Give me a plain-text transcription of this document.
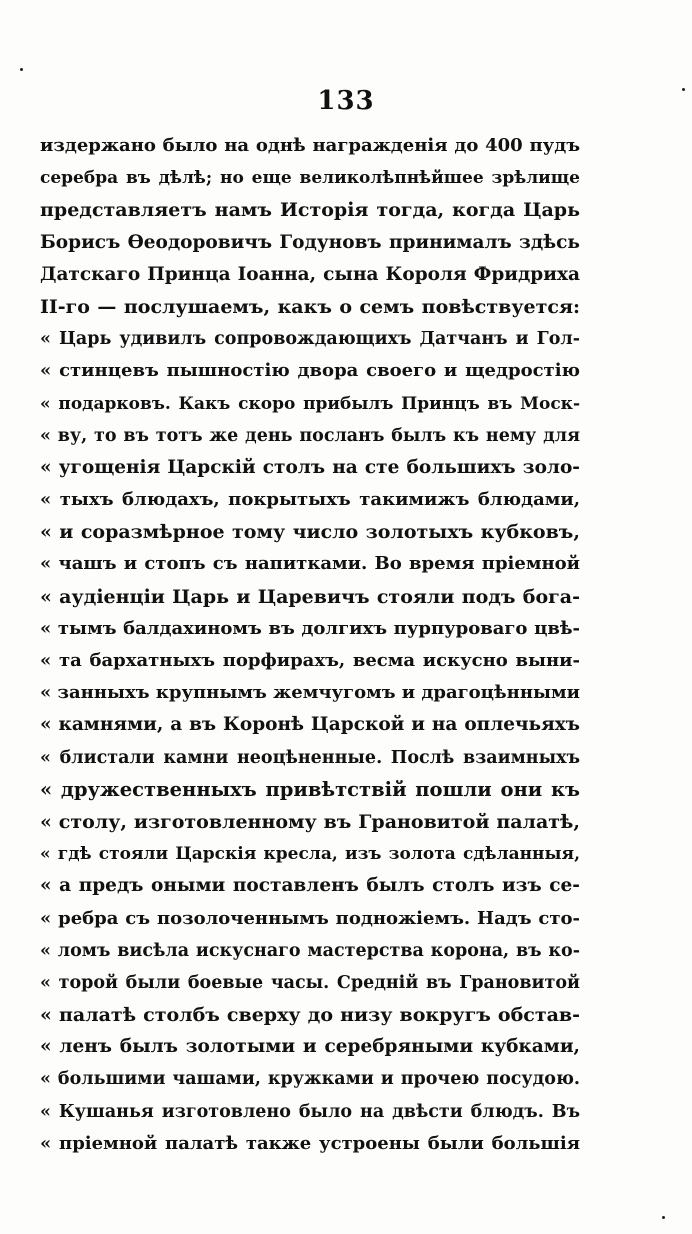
133
издержано было на однѣ награжденія до 400 пудъ
серебра въ дѣлѣ; но еще великолѣпнѣйшее зрѣлище
представляетъ намъ Исторія тогда, когда Царь
Борисъ Ѳеодоровичъ Годуновъ принималъ здѣсь
Датскаго Принца Іоанна, сына Короля Фридриха
II-го — послушаемъ, какъ о семъ повѣствуется:
« Царь удивилъ сопровождающихъ Датчанъ и Гол-
« стинцевъ пышностію двора своего и щедростію
« подарковъ. Какъ скоро прибылъ Принцъ въ Моск-
« ву, то въ тотъ же день посланъ былъ къ нему для
« угощенія Царскій столъ на сте большихъ золо-
« тыхъ блюдахъ, покрытыхъ такимижъ блюдами,
« и соразмѣрное тому число золотыхъ кубковъ,
« чашъ и стопъ съ напитками. Во время пріемной
« аудіенціи Царь и Царевичъ стояли подъ бога-
« тымъ балдахиномъ въ долгихъ пурпуроваго цвѣ-
« та бархатныхъ порфирахъ, весма искусно выни-
« занныхъ крупнымъ жемчугомъ и драгоцѣнными
« камнями, а въ Коронѣ Царской и на оплечьяхъ
« блистали камни неоцѣненные. Послѣ взаимныхъ
« дружественныхъ привѣтствій пошли они къ
« столу, изготовленному въ Грановитой палатѣ,
« гдѣ стояли Царскія кресла, изъ золота сдѣланныя,
« а предъ оными поставленъ былъ столъ изъ се-
« ребра съ позолоченнымъ подножіемъ. Надъ сто-
« ломъ висѣла искуснаго мастерства корона, въ ко-
« торой были боевые часы. Средній въ Грановитой
« палатѣ столбъ сверху до низу вокругъ обстав-
« ленъ былъ золотыми и серебряными кубками,
« большими чашами, кружками и прочею посудою.
« Кушанья изготовлено было на двѣсти блюдъ. Въ
« пріемной палатѣ также устроены были большія
